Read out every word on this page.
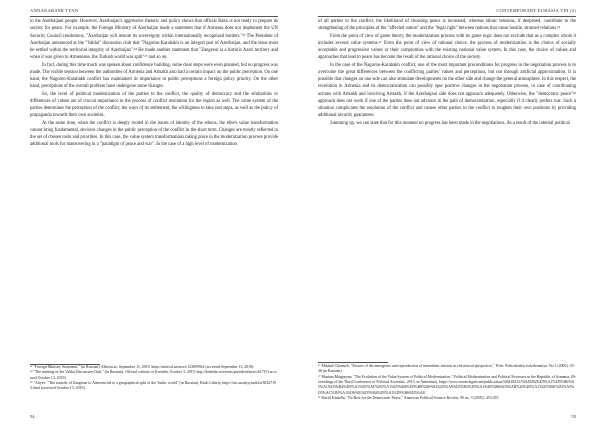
ANNAKARAMI TYAN

to the Azerbaijani people. However, Azerbaijan's aggressive rhetoric and policy shows that official Baku is not ready to prepare its society for peace. For example, the Foreign Ministry of Azerbaijan made a statement that if Armenia does not implement the UN Security Council resolutions, "Azerbaijan will restore its sovereignty within internationally recognized borders."¹³ The President of Azerbaijan announced at the "Valdai" discussion club that "Nagorno-Karabakh is an integral part of Azerbaijan, and the issue must be settled within the territorial integrity of Azerbaijan".¹⁴ He made another statement that "Zangezur is a historic Azeri territory and when it was given to Armenians, the Turkish world was split"¹⁵ and so on.

In fact, during this time much was spoken about confidence building, some clear steps were even planned, but no progress was made. The visible tension between the authorities of Armenia and Artsakh also had a certain impact on the public perception. On one hand, the Nagorno-Karabakh conflict has maintained its importance in public perceptions a foreign policy priority. On the other hand, perceptions of the overall problem have undergone some changes.

So, the level of political modernization of the parties to the conflict, the quality of democracy and the similarities or differences of values are of crucial importance in the process of conflict resolution for the region as well. The value system of the parties determines the perception of the conflict, the ways of its settlement, the willingness to take real steps, as well as the policy of propaganda towards their own societies.

At the same time, when the conflict is deeply rooted in the issues of identity of the ethnos, the elite's value transformation cannot bring fundamental, decisive changes in the public perception of the conflict in the short term. Changes are mostly reflected in the set of chosen tools and priorities. In this case, the value system transformations taking place in the modernization process provide additional tools for maneuvering in a "paradigm of peace and war". In the case of a high level of modernization

¹³ "Foreign Ministry Statement," (in Russian), Minval.az, September 11, 2019, https://minval.az/news/123899942 (accessed September 13, 2019).

¹⁴ "The meeting of the Valdai Discussion Club," (in Russian), Official website of Kremlin, October 3, 2019, http://kremlin.ru/events/president/news/61719 (accessed October 13, 2019).

¹⁵ "Aliyev: "The transfer of Zangezur to Armenia led to a geographical split of the Turkic world" (in Russian), Rudo Liberty, https://rus.azattyq.mobi/a/30227193.html (accessed October 13, 2019).

54
CONTEMPORARY EURASIA VIII (2)

of all parties to the conflict, the likelihood of choosing peace is increased, whereas ethnic tensions, if deepened, contribute to the strengthening of the principles of the "affected nation" and the "legal right" between nations that cause hostile, strained relations.¹⁶

From the point of view of game theory, the modernization process with its game logic does not exclude that as a complex whole it includes several value systems.¹⁷ From the point of view of rational choice, the process of modernization is the choice of socially acceptable and progressive values or their compromise with the existing national value system. In this case, the choice of values and approaches that lead to peace has become the result of the rational choice of the society.

In the case of the Nagorno-Karabakh conflict, one of the most important preconditions for progress in the negotiation process is to overcome the great differences between the conflicting parties' values and perceptions, but not through artificial approximation. It is possible that changes on one side can also stimulate developments on the other side and change the general atmosphere. In this respect, the revolution in Armenia and its democratization can possibly spur positive changes in the negotiation process, in case of coordinating actions with Artsakh and involving Artsakh, if the Azerbaijani side does not approach adequately. Otherwise, the "democratic peace"¹⁸ approach does not work if one of the parties does not advance in the path of democratization, especially if it clearly prefers war. Such a situation complicates the resolution of the conflict and causes other parties to the conflict to toughen their own positions by providing additional security guarantees.

Summing up, we can state that for this moment no progress has been made in the negotiations. As a result of the internal political

¹⁶ Mikhail Cherniyk, "Factors of the emergence and reproduction of interethnic tension in a historical perspective," Polis. Politicheskie issledovaniya, No 5 (2006): 25-36 (in Russian).

¹⁷ Mariam Margaryan, "The Evolution of the Value System of Political Modernization," Political Modernization and Political Processes in the Republic of Armenia, (Proceedings of the Third Conference of Political Scientists, 2013, in Armenian), https://www.researchgate.net/publication/326418412/%D4%B2%D5%A1%D5%B6%D5%A1%D5%B4%D5%A1%D5%AF%D5%A1%D5%B6%D5%B8%D6%82%D5%A9%D5%B5%D5%A1%D5%B6%D5%AB%20%D5%A1%D5%BE%D5%A5%D5%AC%D5%A1%D6%81%D5%B4%D5%A1%D5%B6%D5%A8

¹⁸ David Kinsella, "No Rest for the Democratic Peace," American Political Science Review, 99 no. 3 (2005): 453-457.

55
